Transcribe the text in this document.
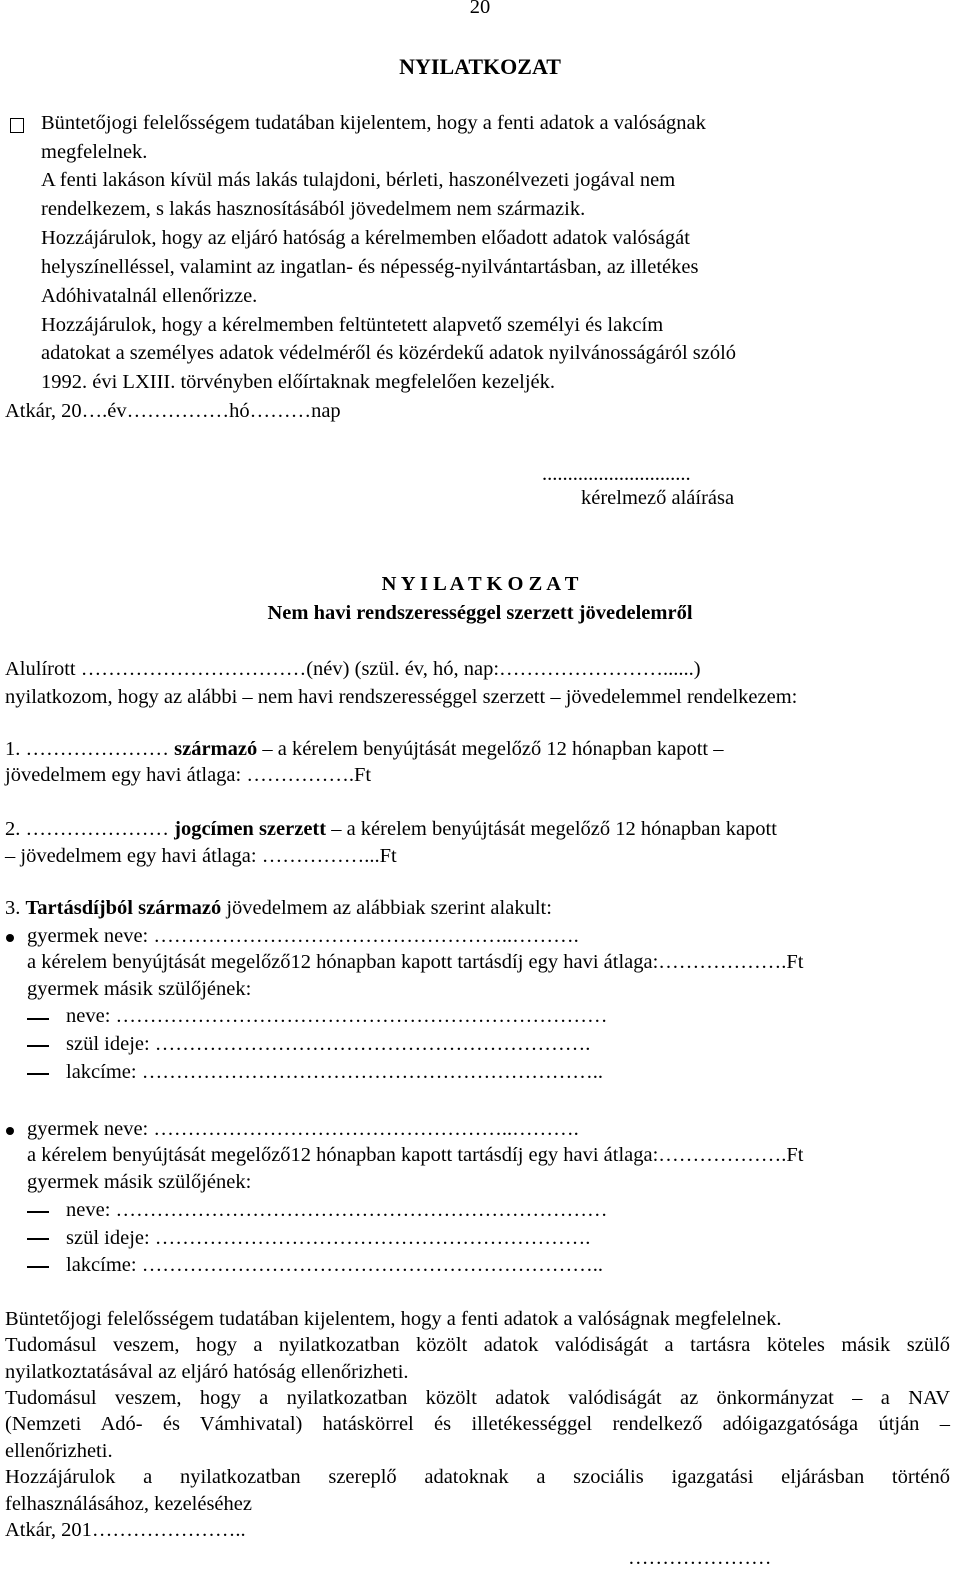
20
NYILATKOZAT
Büntetőjogi felelősségem tudatában kijelentem, hogy a fenti adatok a valóságnak
megfelelnek.
A fenti lakáson kívül más lakás tulajdoni, bérleti, haszonélvezeti jogával nem
rendelkezem, s lakás hasznosításából jövedelmem nem származik.
Hozzájárulok, hogy az eljáró hatóság a kérelmemben előadott adatok valóságát
helyszínelléssel, valamint az ingatlan- és népesség-nyilvántartásban, az illetékes
Adóhivatalnál ellenőrizze.
Hozzájárulok, hogy a kérelmemben feltüntetett alapvető személyi és lakcím
adatokat a személyes adatok védelméről és közérdekű adatok nyilvánosságáról szóló
1992. évi LXIII. törvényben előírtaknak megfelelően kezeljék.
Atkár, 20….év……………hó………nap
.............................
kérelmező aláírása
N Y I L A T K O Z A T
Nem havi rendszerességgel szerzett jövedelemről
Alulírott ……………………………(név) (szül. év, hó, nap:……………………......)
nyilatkozom, hogy az alábbi – nem havi rendszerességgel szerzett – jövedelemmel rendelkezem:
1. ………………… származó – a kérelem benyújtását megelőző 12 hónapban kapott –
jövedelmem egy havi átlaga: …………….Ft
2. ………………… jogcímen szerzett – a kérelem benyújtását megelőző 12 hónapban kapott
– jövedelmem egy havi átlaga: ……………...Ft
3. Tartásdíjból származó jövedelmem az alábbiak szerint alakult:
gyermek neve: ……………………………………………..……….
a kérelem benyújtását megelőző12 hónapban kapott tartásdíj egy havi átlaga:……………….Ft
gyermek másik szülőjének:
neve: ………………………………………………………………
szül ideje: ……………………………………………………….
lakcíme: …………………………………………………………..
gyermek neve: ……………………………………………..……….
a kérelem benyújtását megelőző12 hónapban kapott tartásdíj egy havi átlaga:……………….Ft
gyermek másik szülőjének:
neve: ………………………………………………………………
szül ideje: ……………………………………………………….
lakcíme: …………………………………………………………..
Büntetőjogi felelősségem tudatában kijelentem, hogy a fenti adatok a valóságnak megfelelnek.
Tudomásul veszem, hogy a nyilatkozatban közölt adatok valódiságát a tartásra köteles másik szülő
nyilatkoztatásával az eljáró hatóság ellenőrizheti.
Tudomásul veszem, hogy a nyilatkozatban közölt adatok valódiságát az önkormányzat – a NAV
(Nemzeti Adó- és Vámhivatal) hatáskörrel és illetékességgel rendelkező adóigazgatósága útján –
ellenőrizheti.
Hozzájárulok a nyilatkozatban szereplő adatoknak a szociális igazgatási eljárásban történő
felhasználásához, kezeléséhez
Atkár, 201…………………..
…………………
